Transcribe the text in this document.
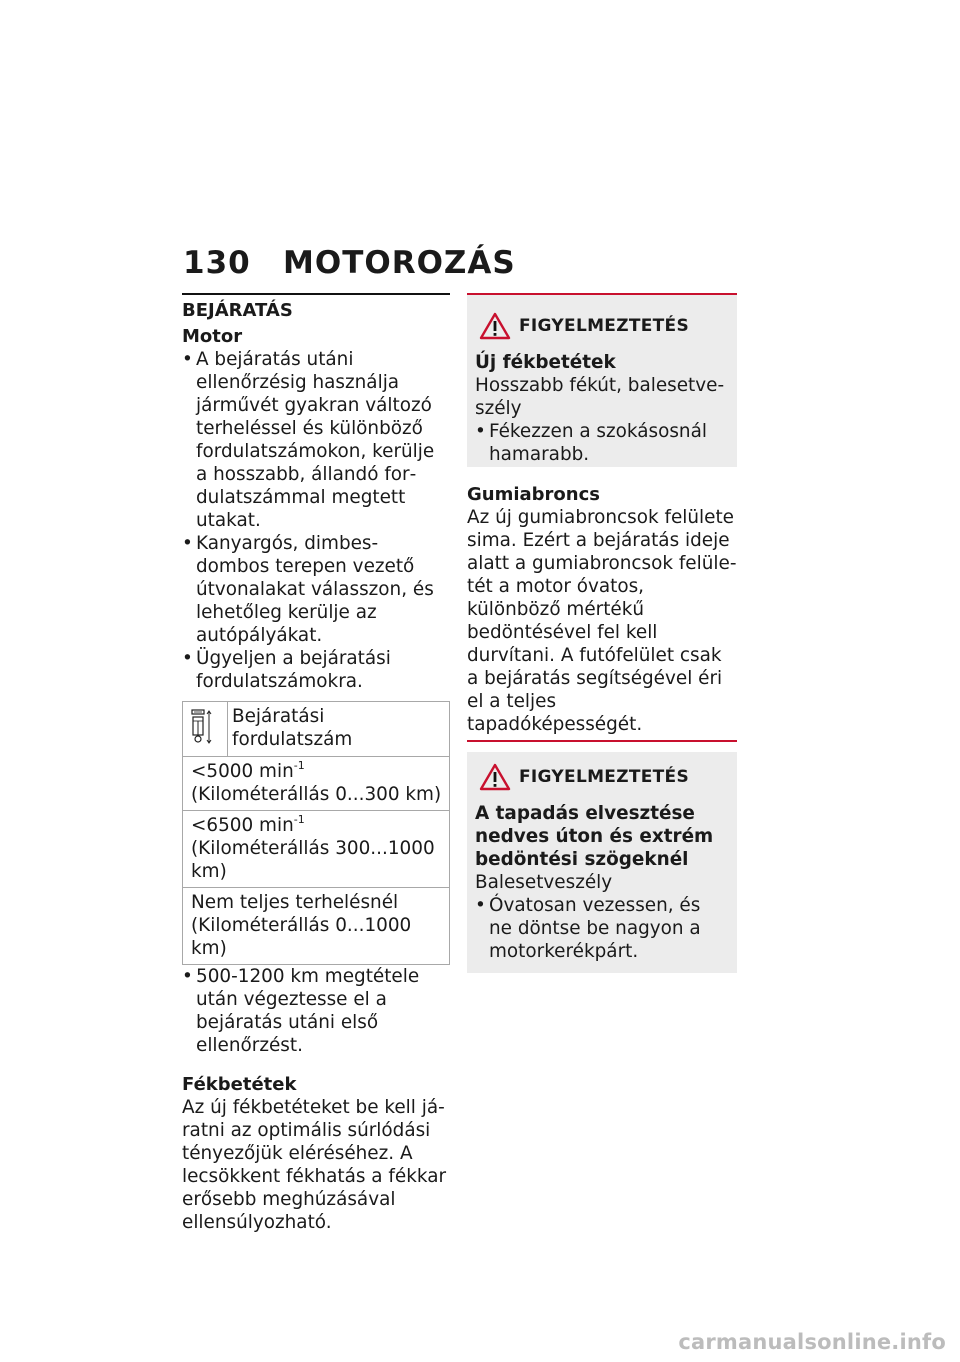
130 MOTOROZÁS
BEJÁRATÁS
Motor
• A bejáratás utáni ellenőrzésig használja járművét gyakran változó terheléssel és különböző fordulatszámokon, kerülje a hosszabb, állandó fordulatszámmal megtett utakat.
• Kanyargós, dimbes-dombos terepen vezető útvonalakat válasszon, és lehetőleg kerülje az autópályákat.
• Ügyeljen a bejáratási fordulatszámokra.
	Bejáratási fordulatszám
<5000 $\min^{-1}$ (Kilométerállás 0...300 km)
<6500 $\min^{-1}$ (Kilométerállás 300...1000 km)
Nem teljes terhelésnél (Kilométerállás 0...1000 km)
• 500-1200 km megtétele után végeztesse el a bejáratás utáni első ellenőrzést.
Fékbetétek

Az új fékbetéteket be kell járatni az optimális súrlódási tényezőjük eléréséhez. A lecsökkent fékhatás a fékkar erősebb meghúzásával ellensúlyozható.

FIGYELMEZTETÉS
Új fékbetétek

Hosszabb fékút, balesetveszély

• Fékezzen a szokásosnál hamarabb.
Gumiabroncs

Az új gumiabroncsok felülete sima. Ezért a bejáratás ideje alatt a gumiabroncsok felületét a motor óvatos, különböző mértékű bedöntésével fel kell durvítani. A futófelület csak a bejáratás segítségével éri el a teljes tapadóképességét.

FIGYELMEZTETÉS
A tapadás elvesztése nedves úton és extrém bedöntési szögeknél

Balesetveszély

• Óvatosan vezessen, és ne döntse be nagyon a motorkerékpárt.
carmanualsonline.info
